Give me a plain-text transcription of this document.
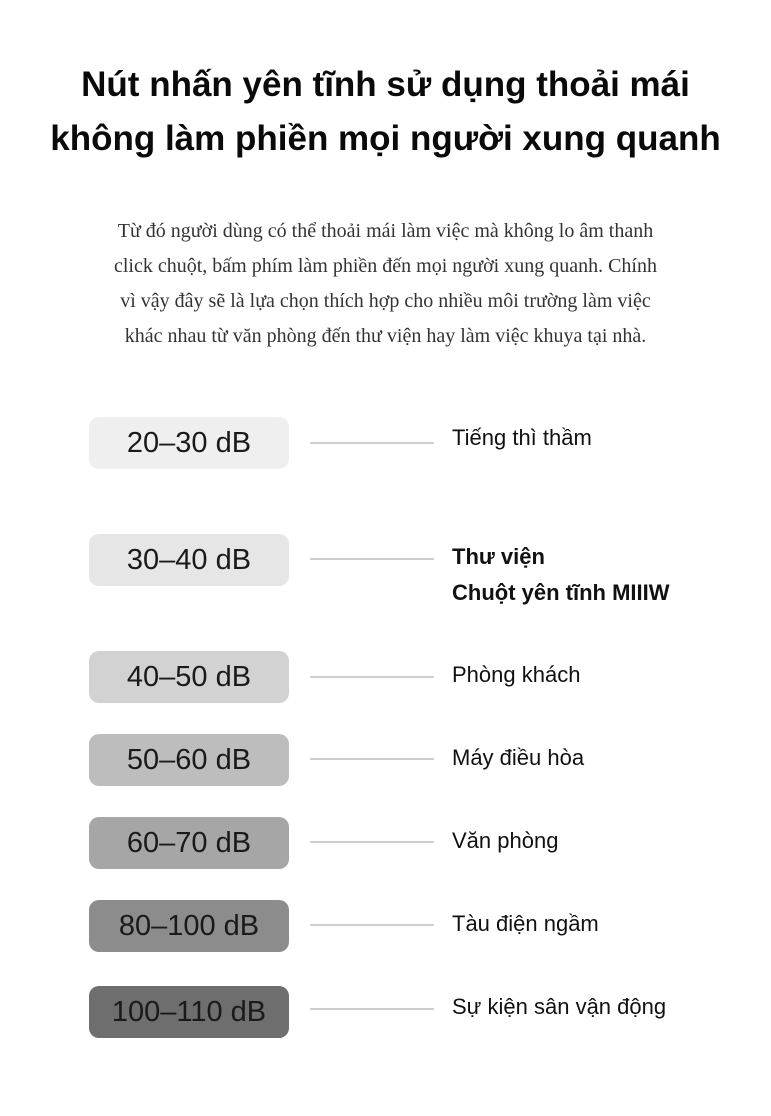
Nút nhấn yên tĩnh sử dụng thoải mái
không làm phiền mọi người xung quanh
Từ đó người dùng có thể thoải mái làm việc mà không lo âm thanh
click chuột, bấm phím làm phiền đến mọi người xung quanh. Chính
vì vậy đây sẽ là lựa chọn thích hợp cho nhiều môi trường làm việc
khác nhau từ văn phòng đến thư viện hay làm việc khuya tại nhà.
20–30 dB	Tiếng thì thầm
30–40 dB	Thư viện
Chuột yên tĩnh MIIIW
40–50 dB	Phòng khách
50–60 dB	Máy điều hòa
60–70 dB	Văn phòng
80–100 dB	Tàu điện ngầm
100–110 dB	Sự kiện sân vận động
